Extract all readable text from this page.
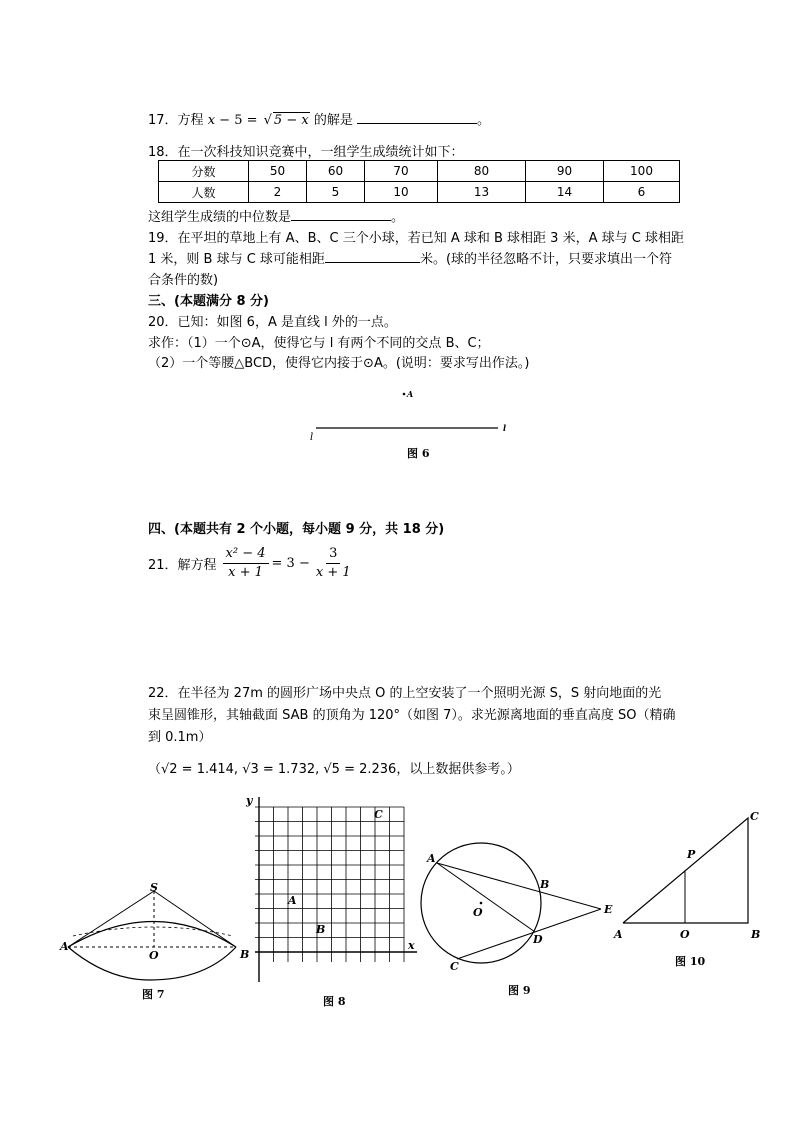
17．方程 x − 5 = √ 5 − x 的解是	。
18．在一次科技知识竞赛中，一组学生成绩统计如下：
分数	50	60	70	80	90	100
人数	2	5	10	13	14	6
这组学生成绩的中位数是	。
19．在平坦的草地上有 A、B、C 三个小球，若已知 A 球和 B 球相距 3 米，A 球与 C 球相距
1 米，则 B 球与 C 球可能相距	米。(球的半径忽略不计，只要求填出一个符
合条件的数)
三、(本题满分 8 分)
20．已知：如图 6，A 是直线 l 外的一点。
求作：（1）一个⊙A，使得它与 l 有两个不同的交点 B、C；
（2）一个等腰△BCD，使得它内接于⊙A。(说明：要求写出作法。)
A
l
l
图 6
四、(本题共有 2 个小题，每小题 9 分，共 18 分)
21．解方程 $\frac{\text{x² − 4}}{x + 1} = 3 - \frac{3}{x + 1}$
22．在半径为 27m 的圆形广场中央点 O 的上空安装了一个照明光源 S，S 射向地面的光
束呈圆锥形，其轴截面 SAB 的顶角为 120°（如图 7）。求光源离地面的垂直高度 SO（精确
到 0.1m）
（√2 = 1.414, √3 = 1.732, √5 = 2.236，以上数据供参考。）
S
A
B
O
图 7
y
x
A
B
C
图 8
A
B
C
D
E
O
图 9
A	O	B
C
P
图 10
